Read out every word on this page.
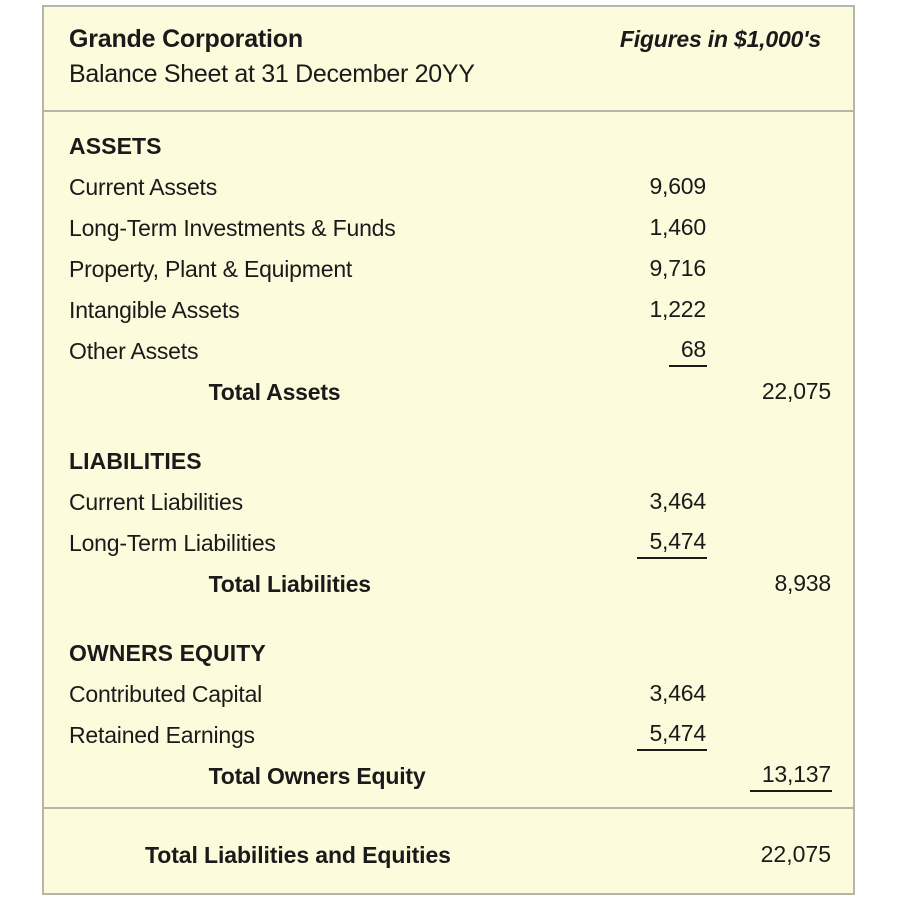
Grande Corporation	Figures in $1,000's
Balance Sheet at 31 December 20YY
ASSETS
Current Assets	9,609
Long-Term Investments & Funds	1,460
Property, Plant & Equipment	9,716
Intangible Assets	1,222
Other Assets	68
Total Assets	22,075
LIABILITIES
Current Liabilities	3,464
Long-Term Liabilities	5,474
Total Liabilities	8,938
OWNERS EQUITY
Contributed Capital	3,464
Retained Earnings	5,474
Total Owners Equity	13,137
Total Liabilities and Equities	22,075
